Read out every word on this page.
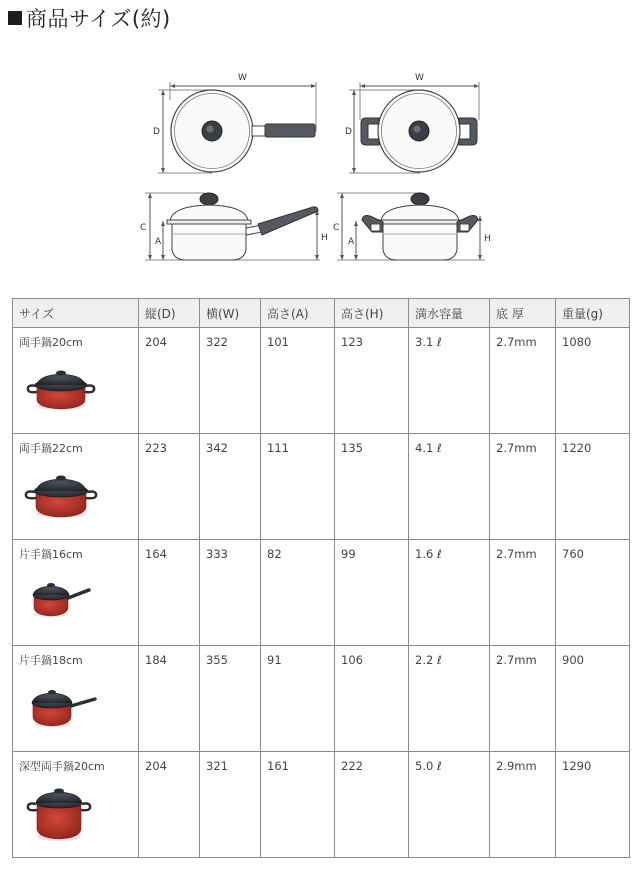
商品サイズ(約)
W
D
W
D
C
A	H
C
A	H
サイズ	縦(D)	横(W)	高さ(A)	高さ(H)	満水容量	底 厚	重量(g)

両手鍋20cm	204	322	101	123	3.1 ℓ	2.7mm	1080

両手鍋22cm	223	342	111	135	4.1 ℓ	2.7mm	1220

片手鍋16cm	164	333	82	99	1.6 ℓ	2.7mm	760

片手鍋18cm	184	355	91	106	2.2 ℓ	2.7mm	900

深型両手鍋20cm	204	321	161	222	5.0 ℓ	2.9mm	1290
